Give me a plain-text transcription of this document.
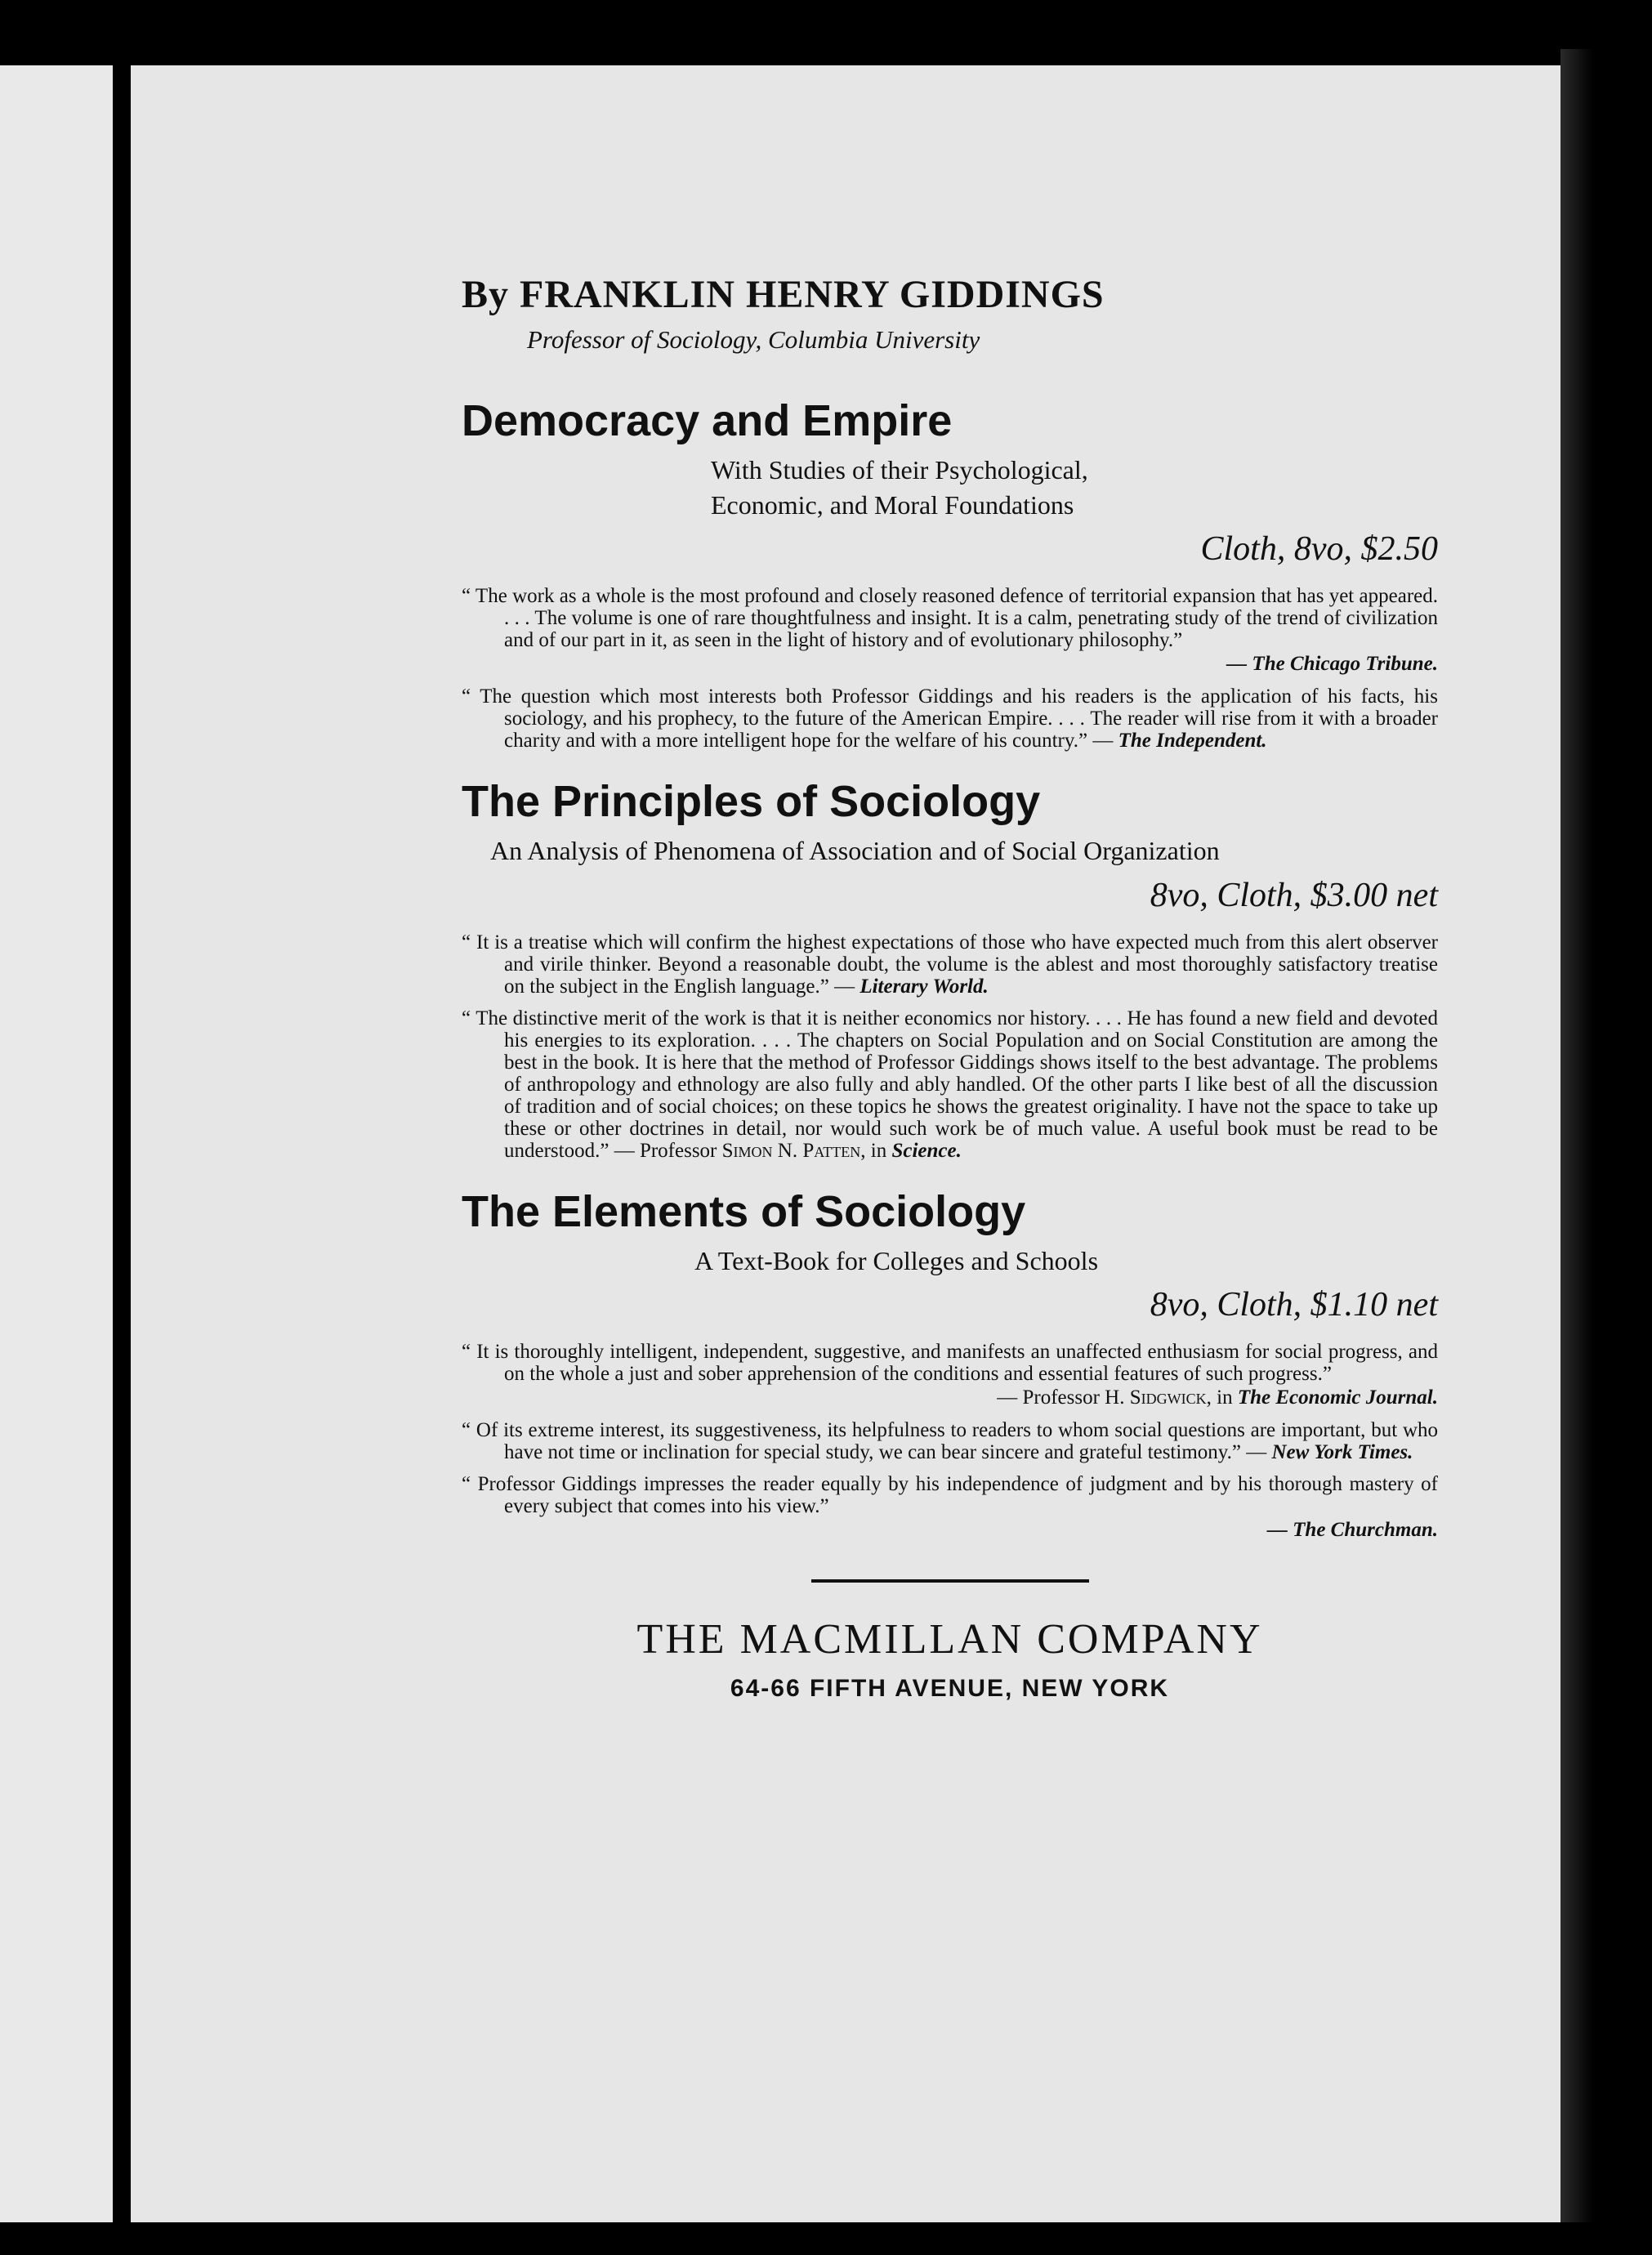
By FRANKLIN HENRY GIDDINGS
Professor of Sociology, Columbia University
Democracy and Empire
With Studies of their Psychological,
Economic, and Moral Foundations
Cloth, 8vo, $2.50

“ The work as a whole is the most profound and closely reasoned defence of territorial expansion that has yet appeared. . . . The volume is one of rare thoughtfulness and insight. It is a calm, penetrating study of the trend of civilization and of our part in it, as seen in the light of history and of evolutionary philosophy.”

— The Chicago Tribune.

“ The question which most interests both Professor Giddings and his readers is the application of his facts, his sociology, and his prophecy, to the future of the American Empire. . . . The reader will rise from it with a broader charity and with a more intelligent hope for the welfare of his country.” — The Independent.

The Principles of Sociology
An Analysis of Phenomena of Association and of Social Organization
8vo, Cloth, $3.00 net

“ It is a treatise which will confirm the highest expectations of those who have expected much from this alert observer and virile thinker. Beyond a reasonable doubt, the volume is the ablest and most thoroughly satisfactory treatise on the subject in the English language.” — Literary World.

“ The distinctive merit of the work is that it is neither economics nor history. . . . He has found a new field and devoted his energies to its exploration. . . . The chapters on Social Population and on Social Constitution are among the best in the book. It is here that the method of Professor Giddings shows itself to the best advantage. The problems of anthropology and ethnology are also fully and ably handled. Of the other parts I like best of all the discussion of tradition and of social choices; on these topics he shows the greatest originality. I have not the space to take up these or other doctrines in detail, nor would such work be of much value. A useful book must be read to be understood.” — Professor Simon N. Patten, in Science.

The Elements of Sociology
A Text-Book for Colleges and Schools
8vo, Cloth, $1.10 net

“ It is thoroughly intelligent, independent, suggestive, and manifests an unaffected enthusiasm for social progress, and on the whole a just and sober apprehension of the conditions and essential features of such progress.”

— Professor H. Sidgwick, in The Economic Journal.

“ Of its extreme interest, its suggestiveness, its helpfulness to readers to whom social questions are important, but who have not time or inclination for special study, we can bear sincere and grateful testimony.” — New York Times.

“ Professor Giddings impresses the reader equally by his independence of judgment and by his thorough mastery of every subject that comes into his view.”

— The Churchman.
THE MACMILLAN COMPANY
64-66 FIFTH AVENUE, NEW YORK
